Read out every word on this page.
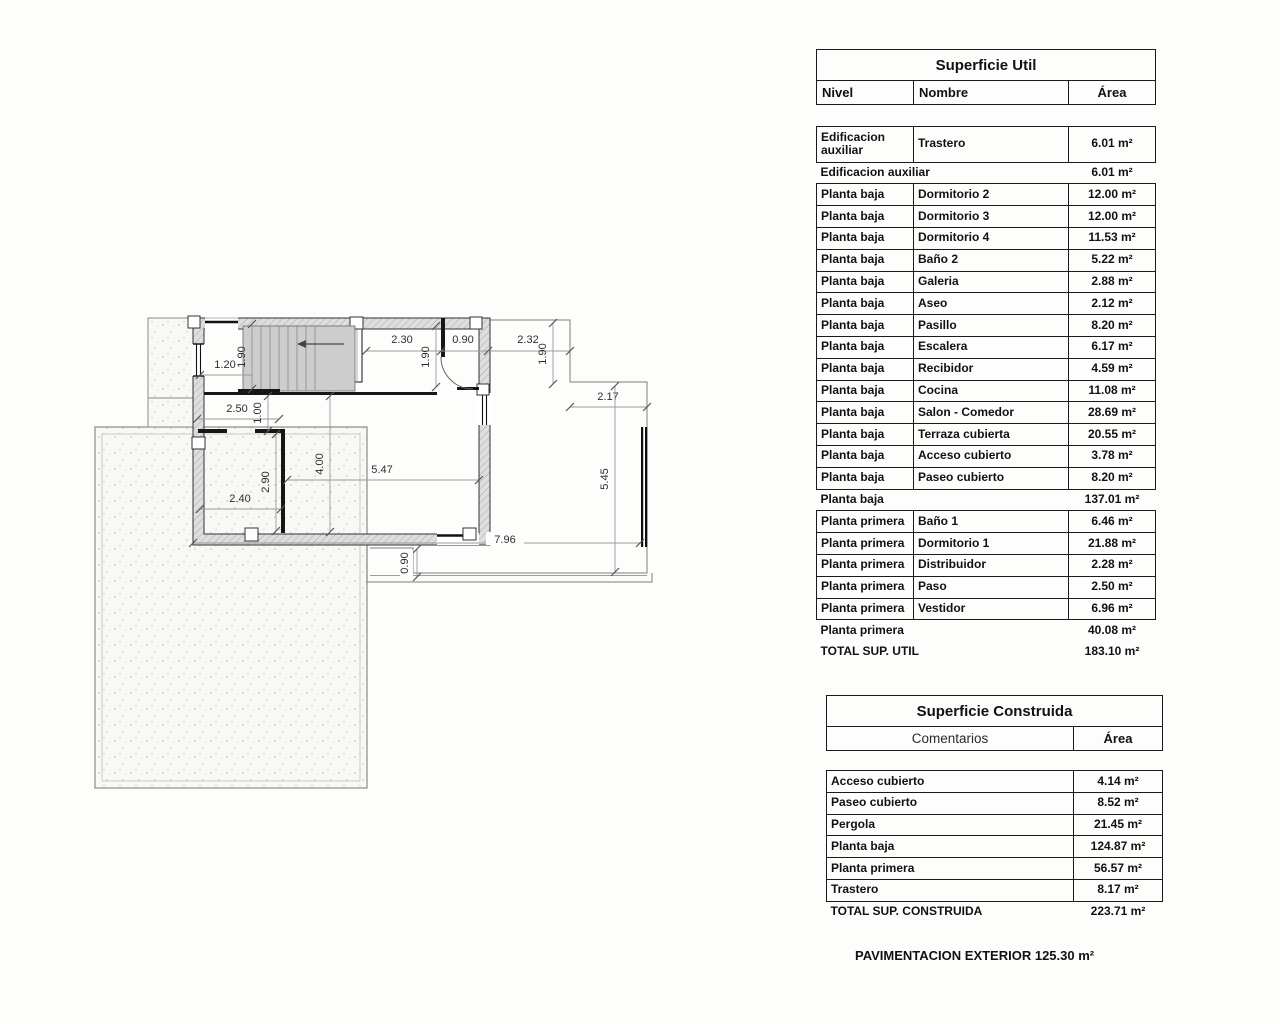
2.30	0.90	2.32
1.90
1.20	1.90	1.90
2.17
2.50 1.00
4.00	5.47
2.90
2.40
5.45
7.96
0.90
Superficie Util
Nivel	Nombre	Área
Edificacion auxiliar	Trastero	6.01 m²
Edificacion auxiliar		6.01 m²
Planta baja	Dormitorio 2	12.00 m²
Planta baja	Dormitorio 3	12.00 m²
Planta baja	Dormitorio 4	11.53 m²
Planta baja	Baño 2	5.22 m²
Planta baja	Galeria	2.88 m²
Planta baja	Aseo	2.12 m²
Planta baja	Pasillo	8.20 m²
Planta baja	Escalera	6.17 m²
Planta baja	Recibidor	4.59 m²
Planta baja	Cocina	11.08 m²
Planta baja	Salon - Comedor	28.69 m²
Planta baja	Terraza cubierta	20.55 m²
Planta baja	Acceso cubierto	3.78 m²
Planta baja	Paseo cubierto	8.20 m²
Planta baja		137.01 m²
Planta primera	Baño 1	6.46 m²
Planta primera	Dormitorio 1	21.88 m²
Planta primera	Distribuidor	2.28 m²
Planta primera	Paso	2.50 m²
Planta primera	Vestidor	6.96 m²
Planta primera		40.08 m²
TOTAL SUP. UTIL		183.10 m²
Superficie Construida
Comentarios	Área
Acceso cubierto	4.14 m²
Paseo cubierto	8.52 m²
Pergola	21.45 m²
Planta baja	124.87 m²
Planta primera	56.57 m²
Trastero	8.17 m²
TOTAL SUP. CONSTRUIDA	223.71 m²
PAVIMENTACION EXTERIOR 125.30 m²
